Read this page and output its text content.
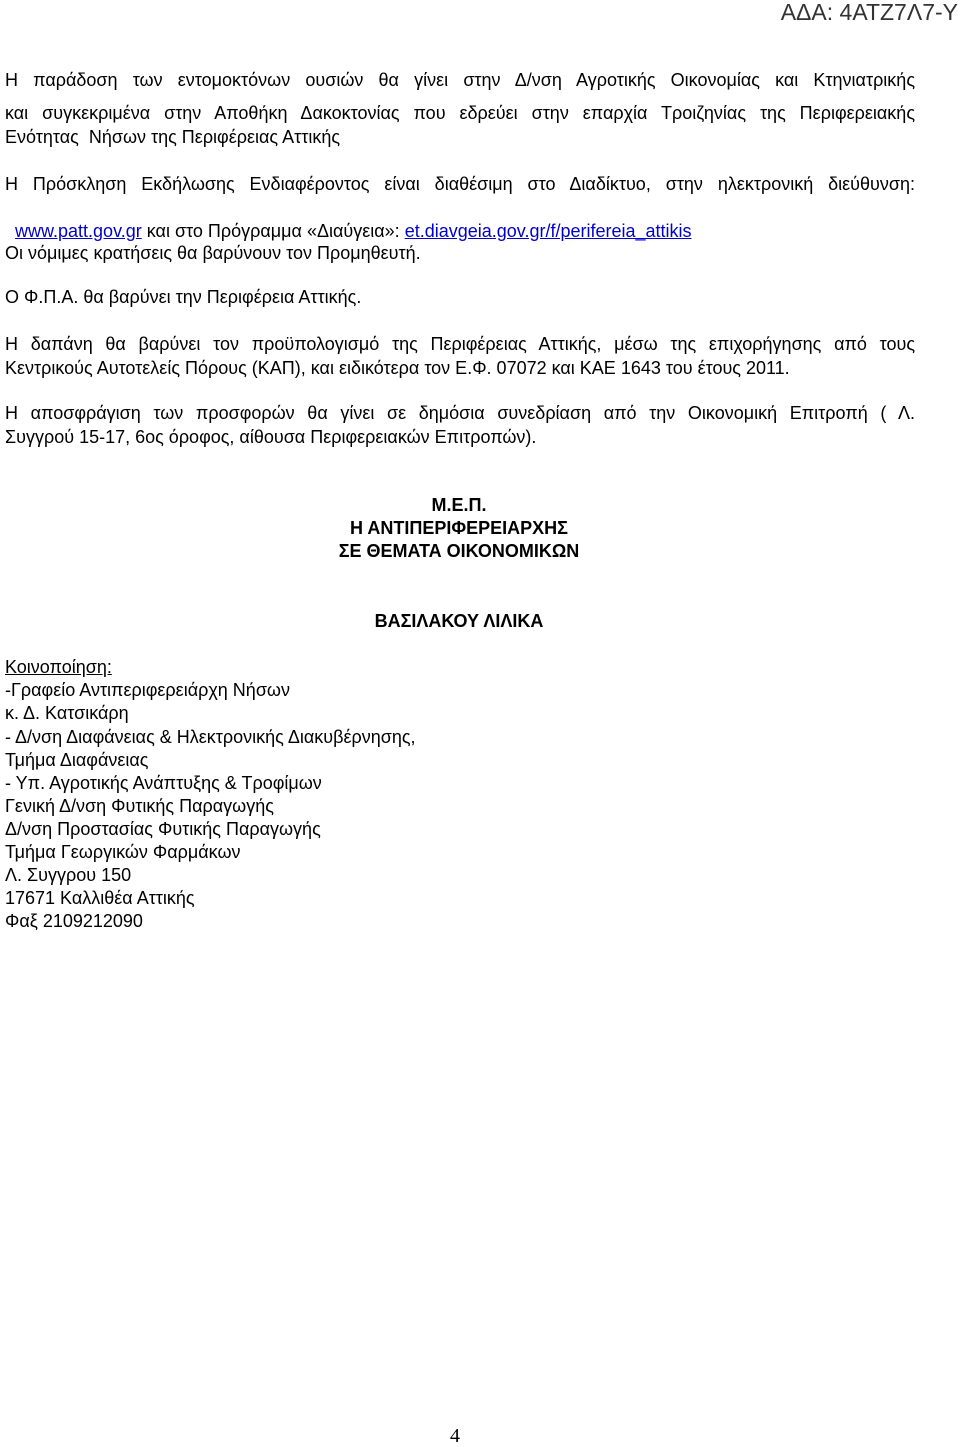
ΑΔΑ: 4ΑΤΖ7Λ7-Υ
Η παράδοση των εντομοκτόνων ουσιών θα γίνει στην Δ/νση Αγροτικής Οικονομίας και Κτηνιατρικής
και συγκεκριμένα στην Αποθήκη Δακοκτονίας που εδρεύει στην επαρχία Τροιζηνίας της Περιφερειακής
Ενότητας  Νήσων της Περιφέρειας Αττικής
Η Πρόσκληση Εκδήλωσης Ενδιαφέροντος είναι διαθέσιμη στο Διαδίκτυο, στην ηλεκτρονική διεύθυνση:

www.patt.gov.gr και στο Πρόγραμμα «Διαύγεια»: et.diavgeia.gov.gr/f/perifereia_attikis

Οι νόμιμες κρατήσεις θα βαρύνουν τον Προμηθευτή.
Ο Φ.Π.Α. θα βαρύνει την Περιφέρεια Αττικής.
Η δαπάνη θα βαρύνει τον προϋπολογισμό της Περιφέρειας Αττικής, μέσω της επιχορήγησης από τους
Κεντρικούς Αυτοτελείς Πόρους (ΚΑΠ), και ειδικότερα τον Ε.Φ. 07072 και ΚΑΕ 1643 του έτους 2011.
Η αποσφράγιση των προσφορών θα γίνει σε δημόσια συνεδρίαση από την Οικονομική Επιτροπή ( Λ.
Συγγρού 15-17, 6ος όροφος, αίθουσα Περιφερειακών Επιτροπών).
Μ.Ε.Π.
Η ΑΝΤΙΠΕΡΙΦΕΡΕΙΑΡΧΗΣ
ΣΕ ΘΕΜΑΤΑ ΟΙΚΟΝΟΜΙΚΩΝ
ΒΑΣΙΛΑΚΟΥ ΛΙΛΙΚΑ
Κοινοποίηση:
-Γραφείο Αντιπεριφερειάρχη Νήσων
κ. Δ. Κατσικάρη
- Δ/νση Διαφάνειας & Ηλεκτρονικής Διακυβέρνησης,
Τμήμα Διαφάνειας
- Υπ. Αγροτικής Ανάπτυξης & Τροφίμων
Γενική Δ/νση Φυτικής Παραγωγής
Δ/νση Προστασίας Φυτικής Παραγωγής
Τμήμα Γεωργικών Φαρμάκων
Λ. Συγγρου 150
17671 Καλλιθέα Αττικής
Φαξ 2109212090
4
